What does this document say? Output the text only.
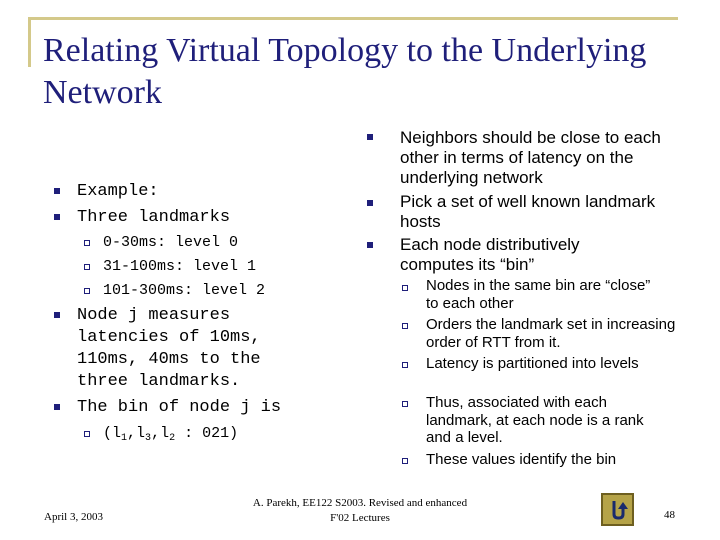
Relating Virtual Topology to the Underlying Network
Example:
Three landmarks
0-30ms: level 0
31-100ms: level 1
101-300ms: level 2
Node j measures latencies of 10ms, 110ms, 40ms to the three landmarks.
The bin of node j is
($l_1,l_3,l_2$ : 021)
Neighbors should be close to each other in terms of latency on the underlying network
Pick a set of well known landmark hosts
Each node distributively computes its “bin”
Nodes in the same bin are “close” to each other
Orders the landmark set in increasing order of RTT from it.
Latency is partitioned into levels
Thus, associated with each landmark, at each node is a rank and a level.
These values identify the bin
April 3, 2003
A. Parekh, EE122 S2003. Revised and enhanced F'02 Lectures	48
